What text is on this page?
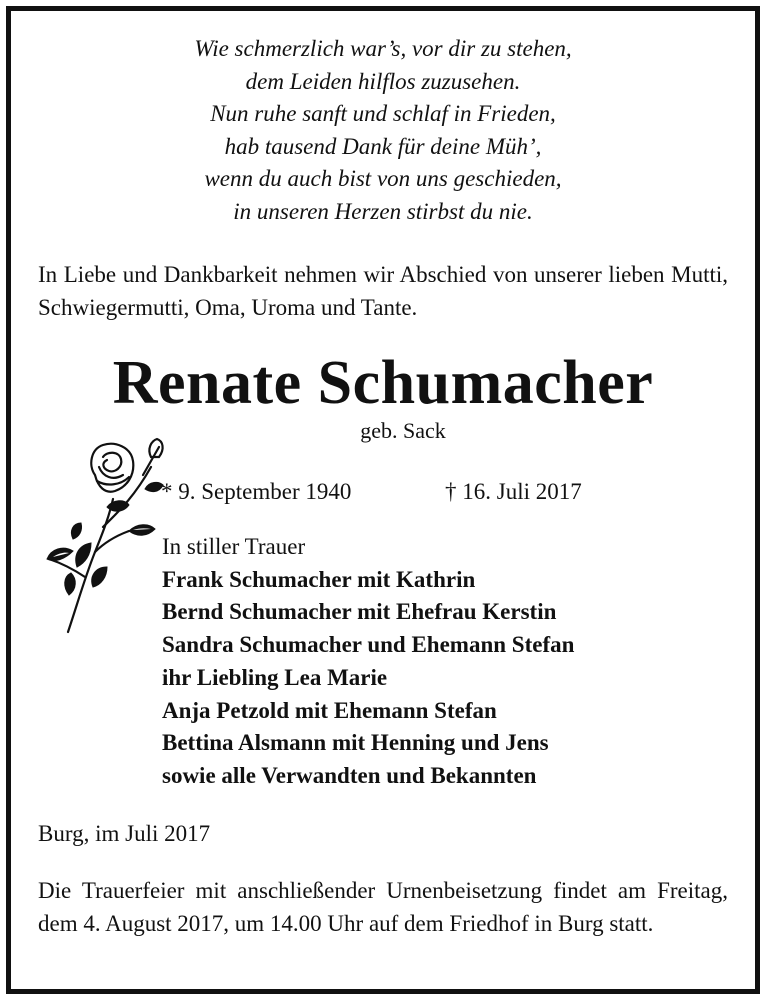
Wie schmerzlich war’s, vor dir zu stehen,
dem Leiden hilflos zuzusehen.
Nun ruhe sanft und schlaf in Frieden,
hab tausend Dank für deine Müh’,
wenn du auch bist von uns geschieden,
in unseren Herzen stirbst du nie.
In Liebe und Dankbarkeit nehmen wir Abschied von unserer lieben Mutti, Schwiegermutti, Oma, Uroma und Tante.
Renate Schumacher
geb. Sack
* 9. September 1940	† 16. Juli 2017
In stiller Trauer
Frank Schumacher mit Kathrin
Bernd Schumacher mit Ehefrau Kerstin
Sandra Schumacher und Ehemann Stefan
ihr Liebling Lea Marie
Anja Petzold mit Ehemann Stefan
Bettina Alsmann mit Henning und Jens
sowie alle Verwandten und Bekannten
Burg, im Juli 2017
Die Trauerfeier mit anschließender Urnenbeisetzung findet am Freitag, dem 4. August 2017, um 14.00 Uhr auf dem Friedhof in Burg statt.
